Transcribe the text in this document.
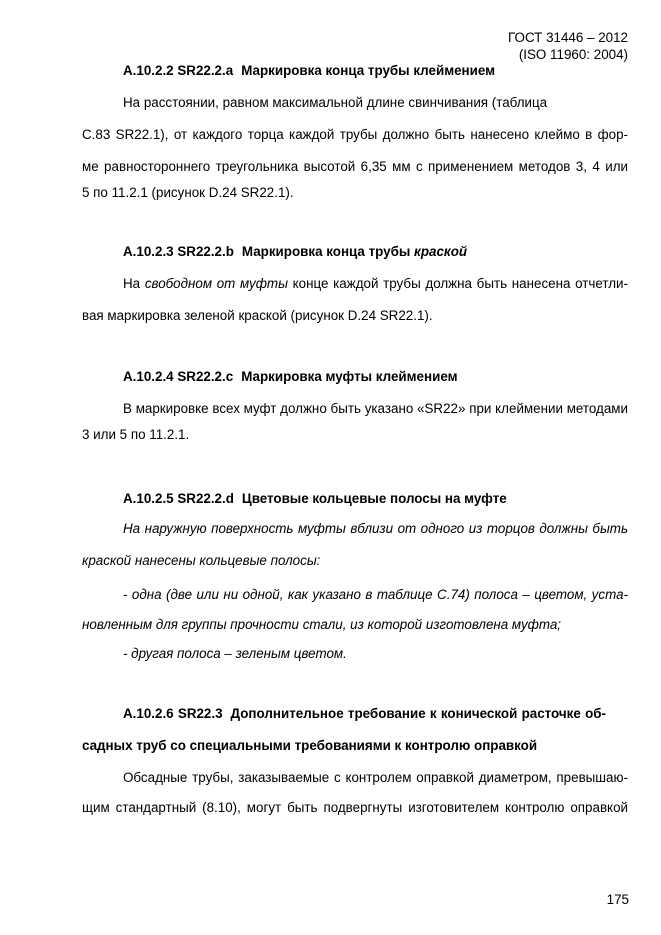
ГОСТ 31446 – 2012
(ISO 11960: 2004)
А.10.2.2 SR22.2.a Маркировка конца трубы клеймением
На расстоянии, равном максимальной длине свинчивания (таблица
С.83 SR22.1), от каждого торца каждой трубы должно быть нанесено клеймо в фор-
ме равностороннего треугольника высотой 6,35 мм с применением методов 3, 4 или
5 по 11.2.1 (рисунок D.24 SR22.1).
А.10.2.3 SR22.2.b Маркировка конца трубы краской
На свободном от муфты конце каждой трубы должна быть нанесена отчетли-
вая маркировка зеленой краской (рисунок D.24 SR22.1).
А.10.2.4 SR22.2.c Маркировка муфты клеймением
В маркировке всех муфт должно быть указано «SR22» при клеймении методами
3 или 5 по 11.2.1.
А.10.2.5 SR22.2.d Цветовые кольцевые полосы на муфте
На наружную поверхность муфты вблизи от одного из торцов должны быть
краской нанесены кольцевые полосы:
- одна (две или ни одной, как указано в таблице С.74) полоса – цветом, уста-
новленным для группы прочности стали, из которой изготовлена муфта;
- другая полоса – зеленым цветом.
А.10.2.6 SR22.3 Дополнительное требование к конической расточке об-
садных труб со специальными требованиями к контролю оправкой
Обсадные трубы, заказываемые с контролем оправкой диаметром, превышаю-
щим стандартный (8.10), могут быть подвергнуты изготовителем контролю оправкой
175
